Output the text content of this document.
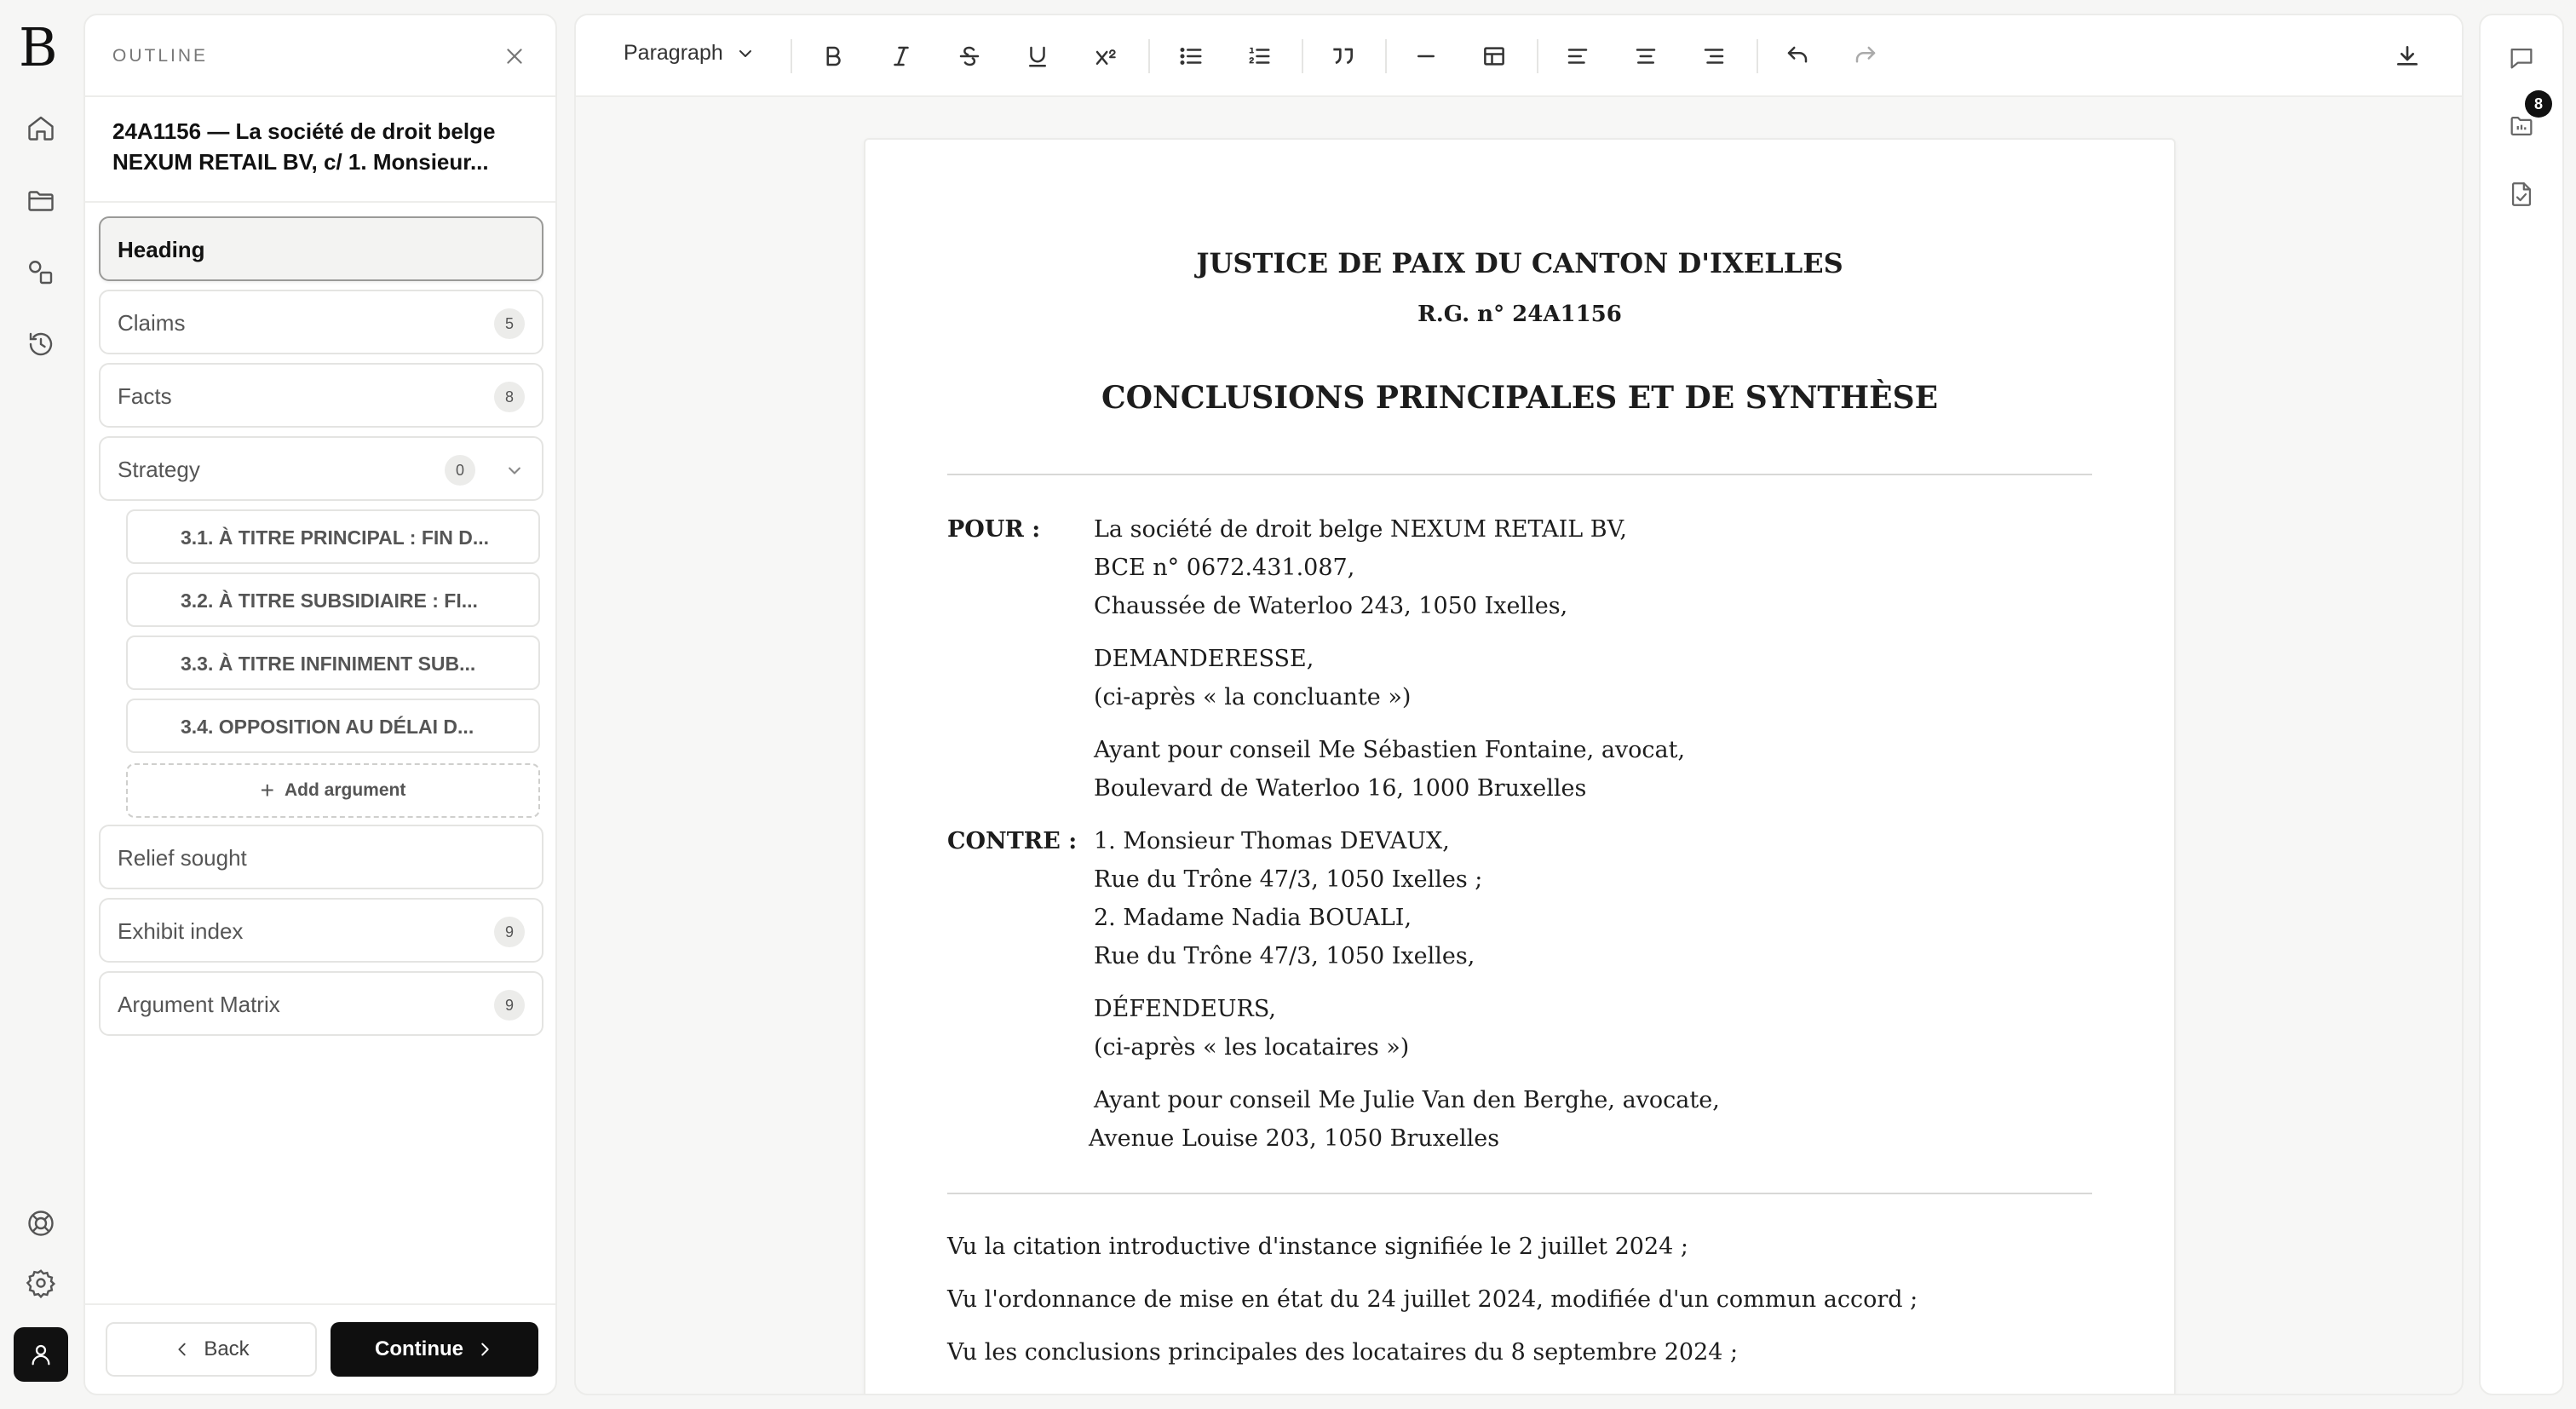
B	OUTLINE
24A1156 — La société de droit belge
NEXUM RETAIL BV, c/ 1. Monsieur...
Heading
Claims	5
Facts	8
Strategy	0
3.1. À TITRE PRINCIPAL : FIN D...
3.2. À TITRE SUBSIDIAIRE : FI...
3.3. À TITRE INFINIMENT SUB...
3.4. OPPOSITION AU DÉLAI D...
+ Add argument
Relief sought
Exhibit index	9
Argument Matrix	9
Back	Continue
Paragraph
JUSTICE DE PAIX DU CANTON D'IXELLES
R.G. n° 24A1156
CONCLUSIONS PRINCIPALES ET DE SYNTHÈSE
POUR : La société de droit belge NEXUM RETAIL BV,
BCE n° 0672.431.087,
Chaussée de Waterloo 243, 1050 Ixelles,
DEMANDERESSE,
(ci-après « la concluante »)
Ayant pour conseil Me Sébastien Fontaine, avocat,
Boulevard de Waterloo 16, 1000 Bruxelles
CONTRE : 1. Monsieur Thomas DEVAUX,
Rue du Trône 47/3, 1050 Ixelles ;
2. Madame Nadia BOUALI,
Rue du Trône 47/3, 1050 Ixelles,
DÉFENDEURS,
(ci-après « les locataires »)
Ayant pour conseil Me Julie Van den Berghe, avocate,
Avenue Louise 203, 1050 Bruxelles
Vu la citation introductive d'instance signifiée le 2 juillet 2024 ;
Vu l'ordonnance de mise en état du 24 juillet 2024, modifiée d'un commun accord ;
Vu les conclusions principales des locataires du 8 septembre 2024 ;
8
